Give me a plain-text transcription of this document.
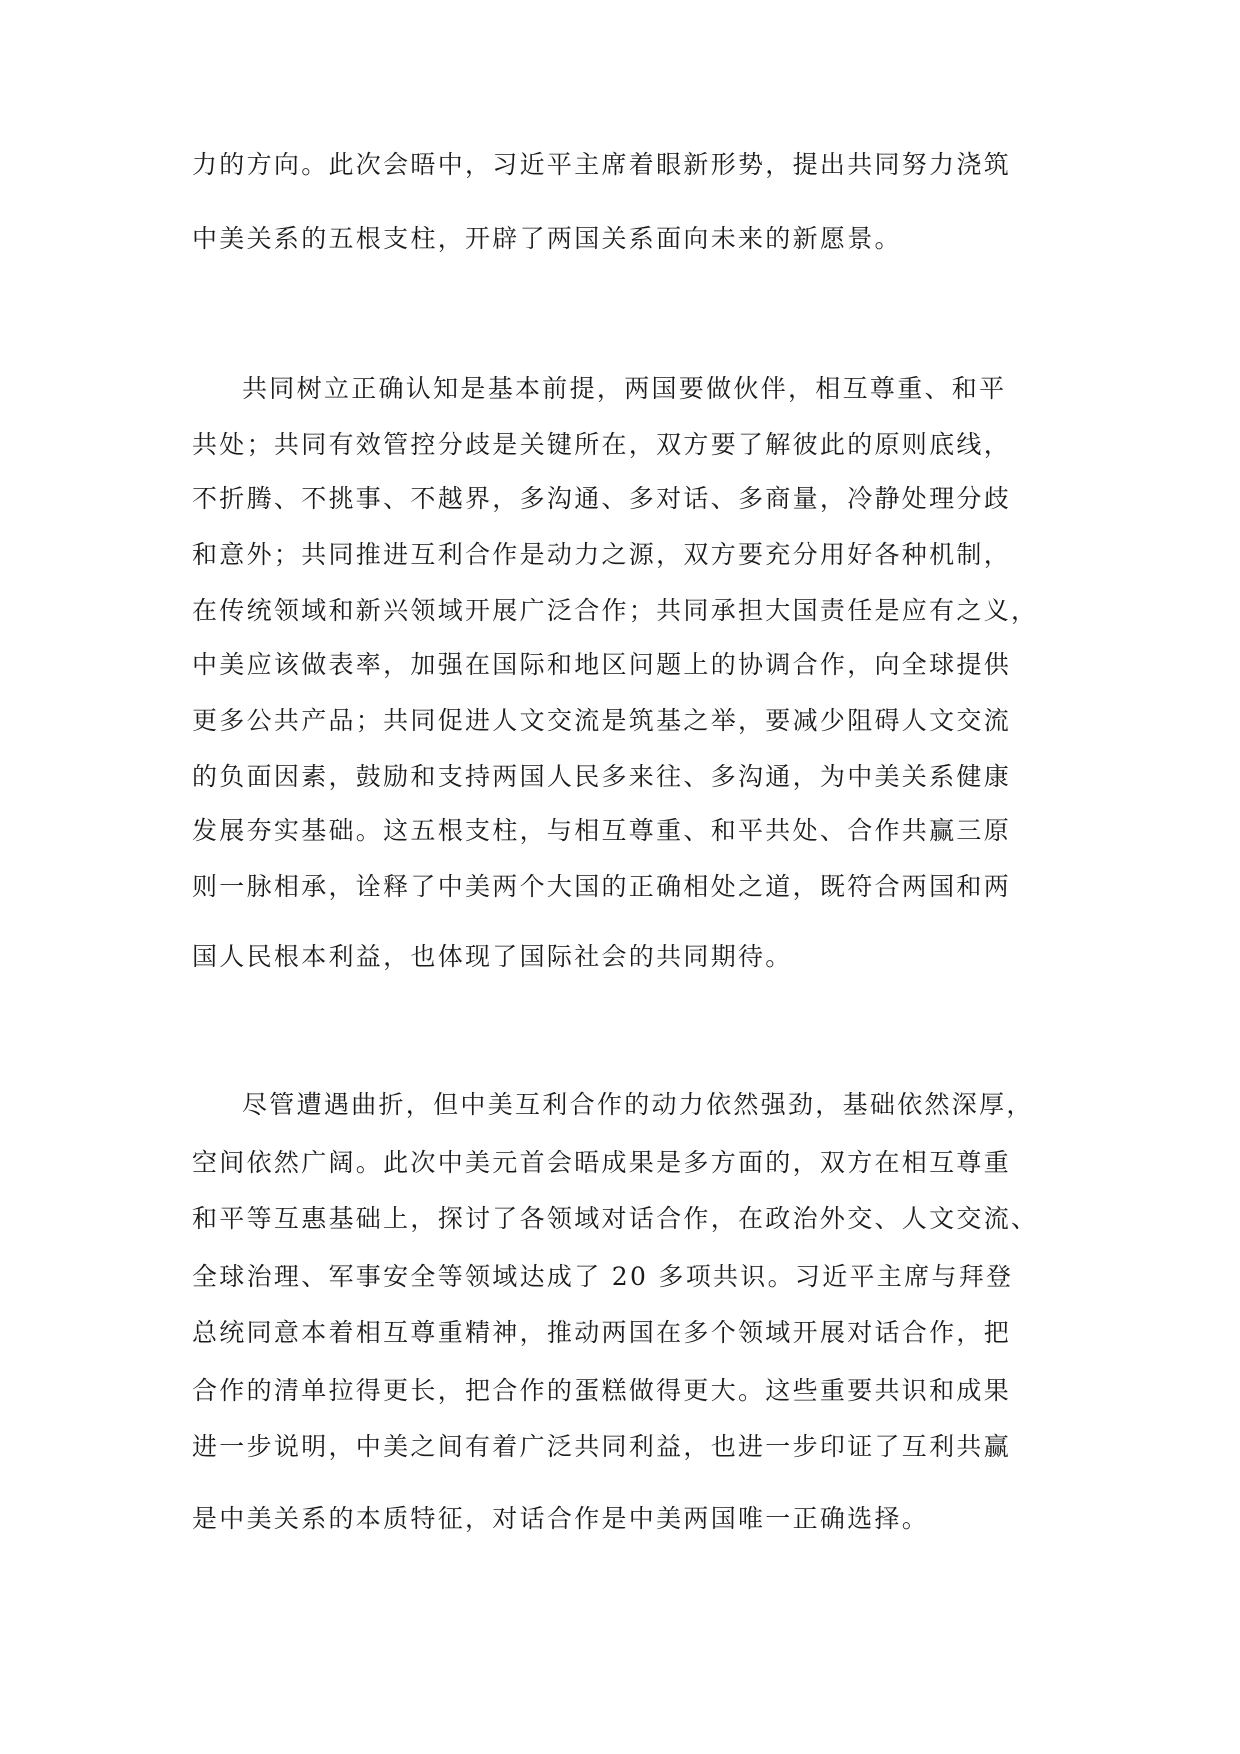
力的方向。此次会晤中，习近平主席着眼新形势，提出共同努力浇筑
中美关系的五根支柱，开辟了两国关系面向未来的新愿景。
共同树立正确认知是基本前提，两国要做伙伴，相互尊重、和平
共处；共同有效管控分歧是关键所在，双方要了解彼此的原则底线，
不折腾、不挑事、不越界，多沟通、多对话、多商量，冷静处理分歧
和意外；共同推进互利合作是动力之源，双方要充分用好各种机制，
在传统领域和新兴领域开展广泛合作；共同承担大国责任是应有之义，
中美应该做表率，加强在国际和地区问题上的协调合作，向全球提供
更多公共产品；共同促进人文交流是筑基之举，要减少阻碍人文交流
的负面因素，鼓励和支持两国人民多来往、多沟通，为中美关系健康
发展夯实基础。这五根支柱，与相互尊重、和平共处、合作共赢三原
则一脉相承，诠释了中美两个大国的正确相处之道，既符合两国和两
国人民根本利益，也体现了国际社会的共同期待。
尽管遭遇曲折，但中美互利合作的动力依然强劲，基础依然深厚，
空间依然广阔。此次中美元首会晤成果是多方面的，双方在相互尊重
和平等互惠基础上，探讨了各领域对话合作，在政治外交、人文交流、
全球治理、军事安全等领域达成了 20 多项共识。习近平主席与拜登
总统同意本着相互尊重精神，推动两国在多个领域开展对话合作，把
合作的清单拉得更长，把合作的蛋糕做得更大。这些重要共识和成果
进一步说明，中美之间有着广泛共同利益，也进一步印证了互利共赢
是中美关系的本质特征，对话合作是中美两国唯一正确选择。
